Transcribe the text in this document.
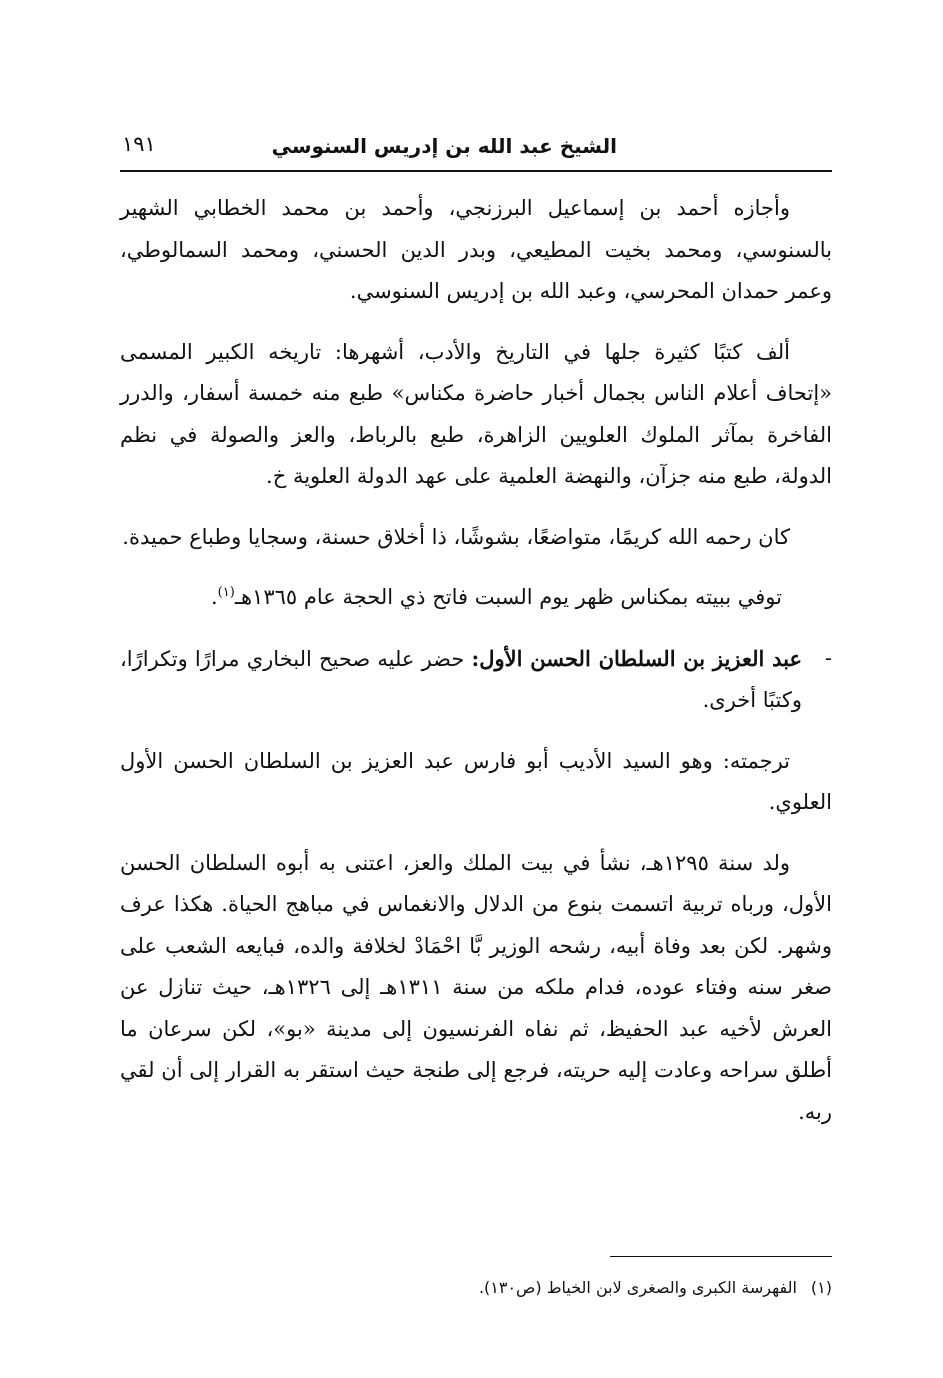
الشيخ عبد الله بن إدريس السنوسي
١٩١

وأجازه أحمد بن إسماعيل البرزنجي، وأحمد بن محمد الخطابي الشهير بالسنوسي، ومحمد بخيت المطيعي، وبدر الدين الحسني، ومحمد السمالوطي، وعمر حمدان المحرسي، وعبد الله بن إدريس السنوسي.

ألف كتبًا كثيرة جلها في التاريخ والأدب، أشهرها: تاريخه الكبير المسمى «إتحاف أعلام الناس بجمال أخبار حاضرة مكناس» طبع منه خمسة أسفار، والدرر الفاخرة بمآثر الملوك العلويين الزاهرة، طبع بالرباط، والعز والصولة في نظم الدولة، طبع منه جزآن، والنهضة العلمية على عهد الدولة العلوية خ.

كان رحمه الله كريمًا، متواضعًا، بشوشًا، ذا أخلاق حسنة، وسجايا وطباع حميدة.

توفي ببيته بمكناس ظهر يوم السبت فاتح ذي الحجة عام ١٣٦٥هـ$^{(١)}$.

-
عبد العزيز بن السلطان الحسن الأول: حضر عليه صحيح البخاري مرارًا وتكرارًا، وكتبًا أخرى.

ترجمته: وهو السيد الأديب أبو فارس عبد العزيز بن السلطان الحسن الأول العلوي.

ولد سنة ١٢٩٥هـ، نشأ في بيت الملك والعز، اعتنى به أبوه السلطان الحسن الأول، ورباه تربية اتسمت بنوع من الدلال والانغماس في مباهج الحياة. هكذا عرف وشهر. لكن بعد وفاة أبيه، رشحه الوزير بَّا احْمَادْ لخلافة والده، فبايعه الشعب على صغر سنه وفتاء عوده، فدام ملكه من سنة ١٣١١هـ إلى ١٣٢٦هـ، حيث تنازل عن العرش لأخيه عبد الحفيظ، ثم نفاه الفرنسيون إلى مدينة «بو»، لكن سرعان ما أطلق سراحه وعادت إليه حريته، فرجع إلى طنجة حيث استقر به القرار إلى أن لقي ربه.

(١)الفهرسة الكبرى والصغرى لابن الخياط (ص١٣٠).
